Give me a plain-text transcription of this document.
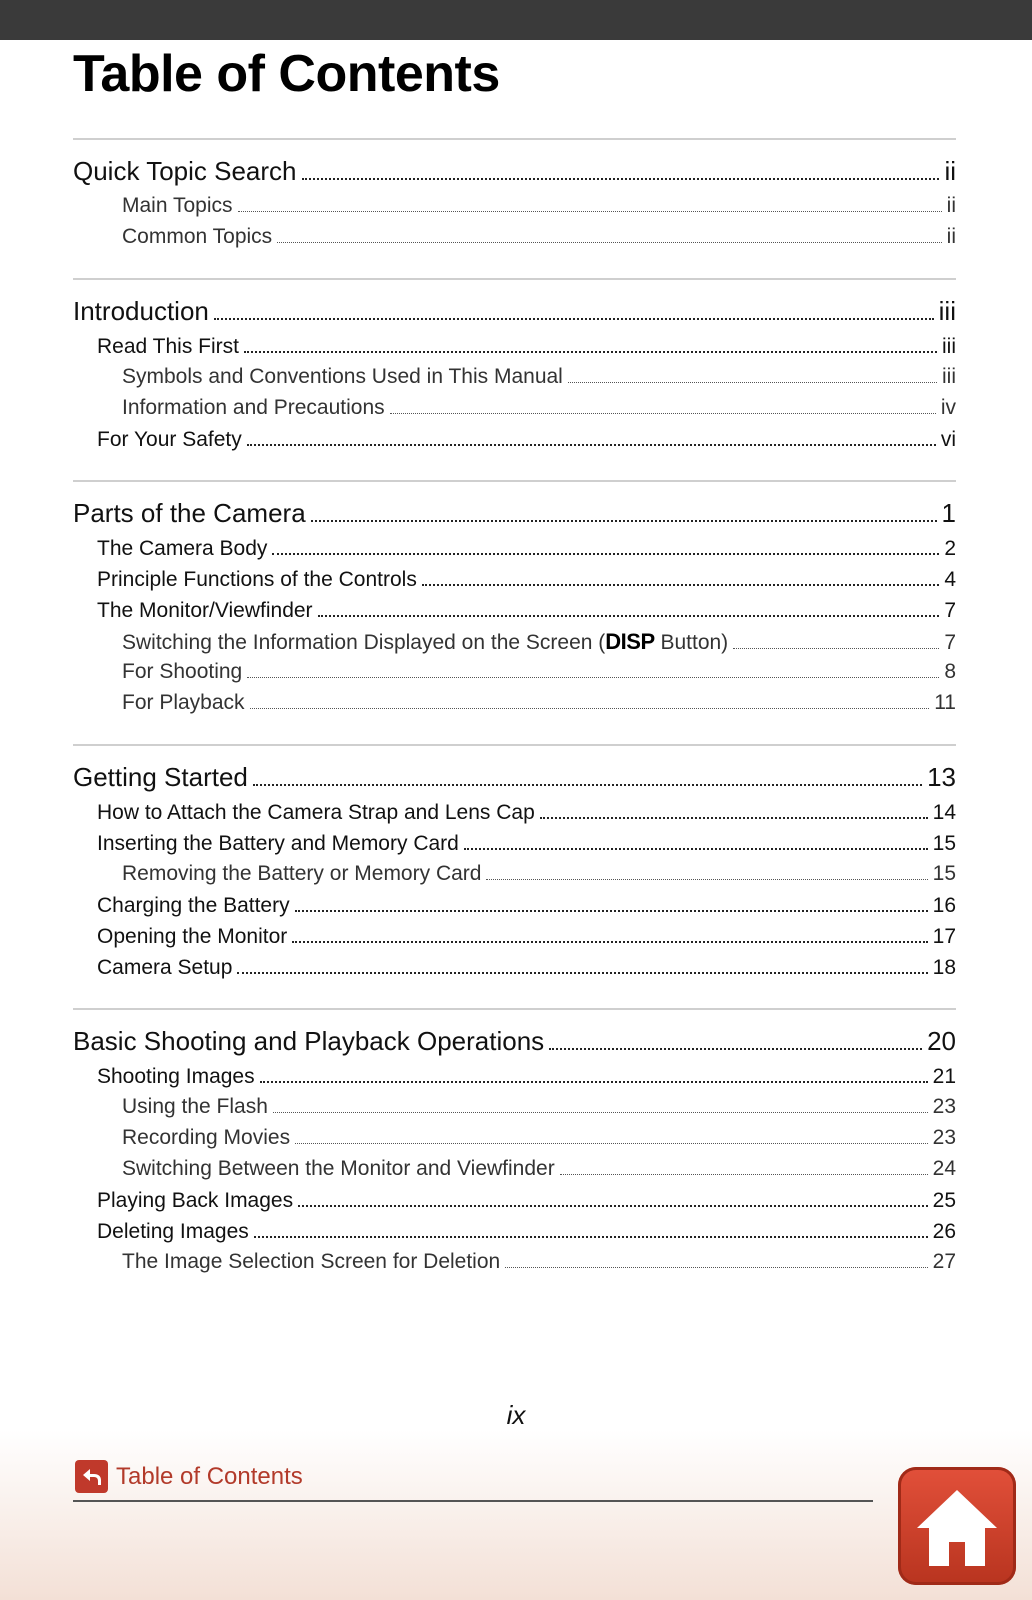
Table of Contents
Quick Topic Search	ii
Main Topics	ii
Common Topics	ii
Introduction	iii
Read This First	iii
Symbols and Conventions Used in This Manual	iii
Information and Precautions	iv
For Your Safety	vi
Parts of the Camera	1
The Camera Body	2
Principle Functions of the Controls	4
The Monitor/Viewfinder	7
Switching the Information Displayed on the Screen (DISP Button)	7
For Shooting	8
For Playback	11
Getting Started	13
How to Attach the Camera Strap and Lens Cap	14
Inserting the Battery and Memory Card	15
Removing the Battery or Memory Card	15
Charging the Battery	16
Opening the Monitor	17
Camera Setup	18
Basic Shooting and Playback Operations	20
Shooting Images	21
Using the Flash	23
Recording Movies	23
Switching Between the Monitor and Viewfinder	24
Playing Back Images	25
Deleting Images	26
The Image Selection Screen for Deletion	27
ix
Table of Contents
